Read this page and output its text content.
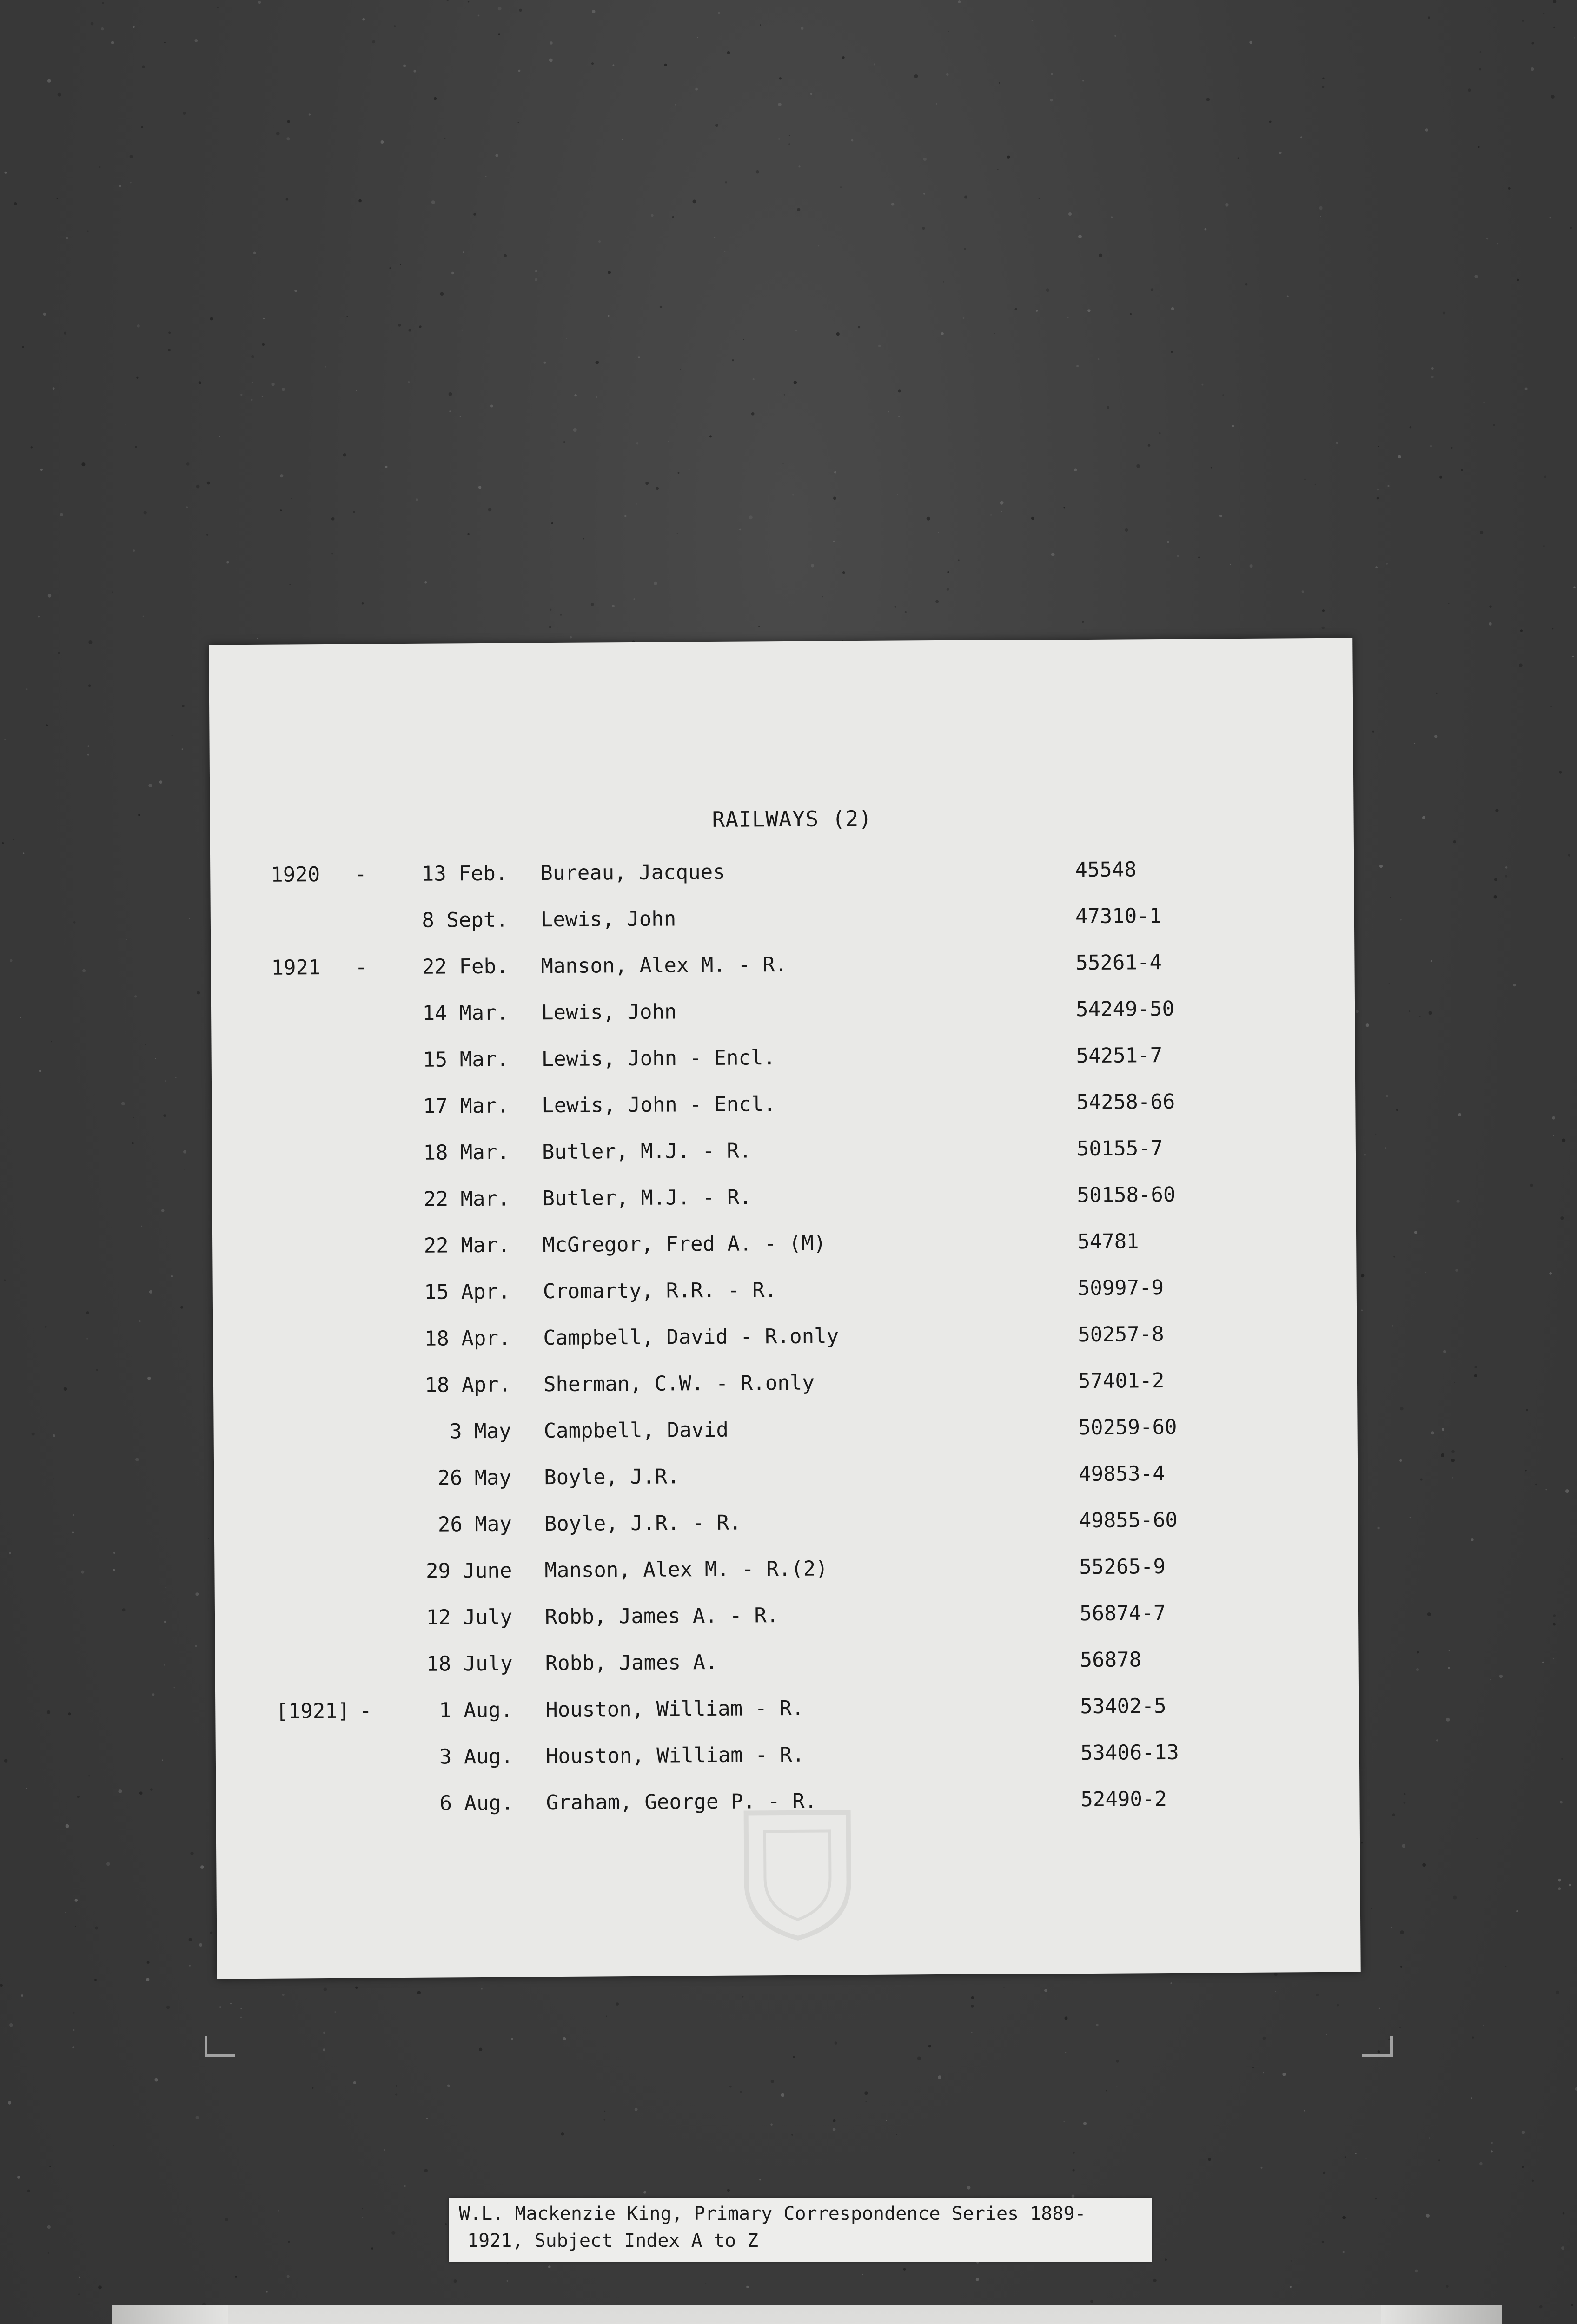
RAILWAYS (2)
1920	-	13 Feb. Bureau, Jacques	45548
8 Sept. Lewis, John	47310-1
1921	-	22 Feb. Manson, Alex M. - R.	55261-4
14 Mar. Lewis, John	54249-50
15 Mar. Lewis, John - Encl.	54251-7
17 Mar. Lewis, John - Encl.	54258-66
18 Mar. Butler, M.J. - R.	50155-7
22 Mar. Butler, M.J. - R.	50158-60
22 Mar. McGregor, Fred A. - (M)	54781
15 Apr. Cromarty, R.R. - R.	50997-9
18 Apr. Campbell, David - R.only	50257-8
18 Apr. Sherman, C.W. - R.only	57401-2
3 May Campbell, David	50259-60
26 May Boyle, J.R.	49853-4
26 May Boyle, J.R. - R.	49855-60
29 June Manson, Alex M. - R.(2)	55265-9
12 July Robb, James A. - R.	56874-7
18 July Robb, James A.	56878
[1921] -	1 Aug. Houston, William - R.	53402-5
3 Aug. Houston, William - R.	53406-13
6 Aug. Graham, George P. - R.	52490-2
W.L. Mackenzie King, Primary Correspondence Series 1889-
1921, Subject Index A to Z
